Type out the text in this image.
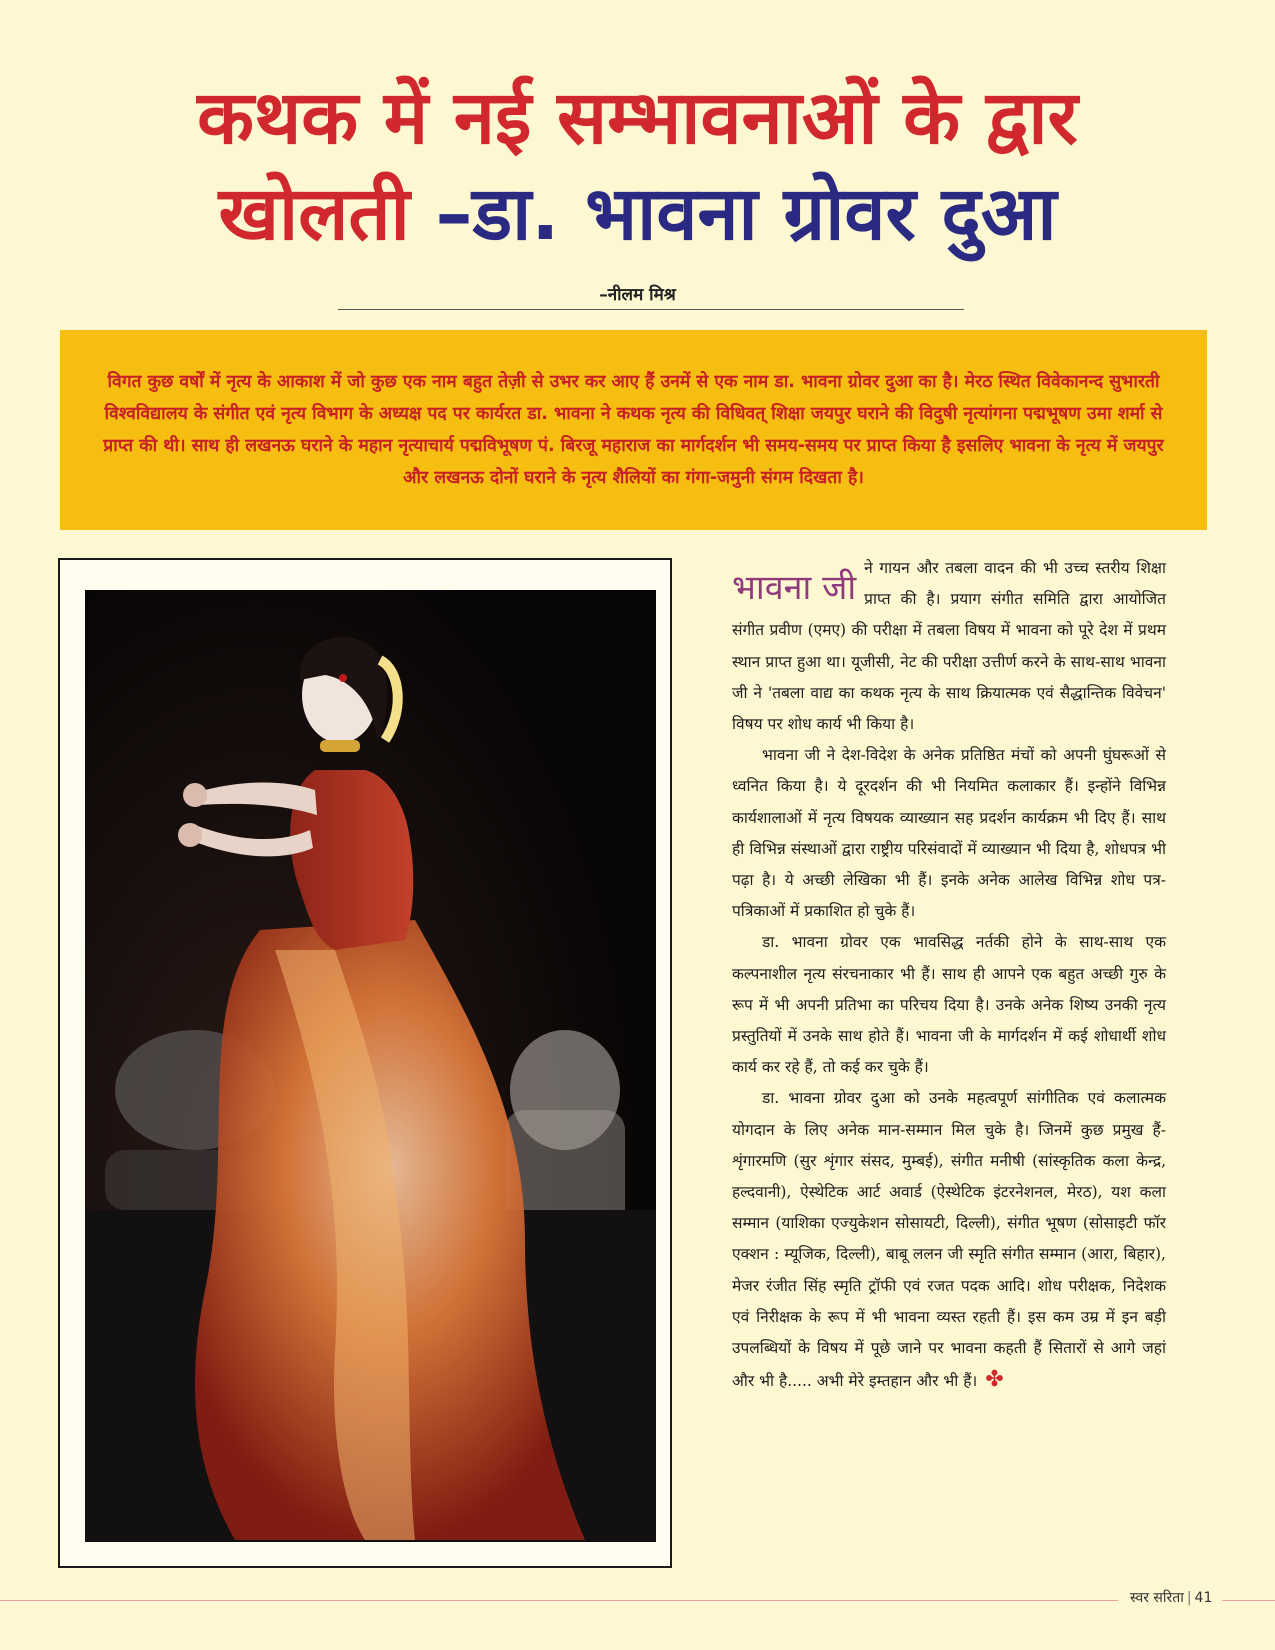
कथक में नई सम्भावनाओं के द्वार
खोलती –डा. भावना ग्रोवर दुआ
–नीलम मिश्र

विगत कुछ वर्षों में नृत्य के आकाश में जो कुछ एक नाम बहुत तेज़ी से उभर कर आए हैं उनमें से एक नाम डा. भावना ग्रोवर दुआ का है। मेरठ स्थित विवेकानन्द सुभारती विश्वविद्यालय के संगीत एवं नृत्य विभाग के अध्यक्ष पद पर कार्यरत डा. भावना ने कथक नृत्य की विधिवत् शिक्षा जयपुर घराने की विदुषी नृत्यांगना पद्मभूषण उमा शर्मा से प्राप्त की थी। साथ ही लखनऊ घराने के महान नृत्याचार्य पद्मविभूषण पं. बिरजू महाराज का मार्गदर्शन भी समय-समय पर प्राप्त किया है इसलिए भावना के नृत्य में जयपुर और लखनऊ दोनों घराने के नृत्य शैलियों का गंगा-जमुनी संगम दिखता है।

भावना जी ने गायन और तबला वादन की भी उच्च स्तरीय शिक्षा प्राप्त की है। प्रयाग संगीत समिति द्वारा आयोजित संगीत प्रवीण (एमए) की परीक्षा में तबला विषय में भावना को पूरे देश में प्रथम स्थान प्राप्त हुआ था। यूजीसी, नेट की परीक्षा उत्तीर्ण करने के साथ-साथ भावना जी ने 'तबला वाद्य का कथक नृत्य के साथ क्रियात्मक एवं सैद्धान्तिक विवेचन' विषय पर शोध कार्य भी किया है।

भावना जी ने देश-विदेश के अनेक प्रतिष्ठित मंचों को अपनी घुंघरूओं से ध्वनित किया है। ये दूरदर्शन की भी नियमित कलाकार हैं। इन्होंने विभिन्न कार्यशालाओं में नृत्य विषयक व्याख्यान सह प्रदर्शन कार्यक्रम भी दिए हैं। साथ ही विभिन्न संस्थाओं द्वारा राष्ट्रीय परिसंवादों में व्याख्यान भी दिया है, शोधपत्र भी पढ़ा है। ये अच्छी लेखिका भी हैं। इनके अनेक आलेख विभिन्न शोध पत्र-पत्रिकाओं में प्रकाशित हो चुके हैं।

डा. भावना ग्रोवर एक भावसिद्ध नर्तकी होने के साथ-साथ एक कल्पनाशील नृत्य संरचनाकार भी हैं। साथ ही आपने एक बहुत अच्छी गुरु के रूप में भी अपनी प्रतिभा का परिचय दिया है। उनके अनेक शिष्य उनकी नृत्य प्रस्तुतियों में उनके साथ होते हैं। भावना जी के मार्गदर्शन में कई शोधार्थी शोध कार्य कर रहे हैं, तो कई कर चुके हैं।

डा. भावना ग्रोवर दुआ को उनके महत्वपूर्ण सांगीतिक एवं कलात्मक योगदान के लिए अनेक मान-सम्मान मिल चुके है। जिनमें कुछ प्रमुख हैं-शृंगारमणि (सुर शृंगार संसद, मुम्बई), संगीत मनीषी (सांस्कृतिक कला केन्द्र, हल्दवानी), ऐस्थेटिक आर्ट अवार्ड (ऐस्थेटिक इंटरनेशनल, मेरठ), यश कला सम्मान (याशिका एज्युकेशन सोसायटी, दिल्ली), संगीत भूषण (सोसाइटी फॉर एक्शन : म्यूजिक, दिल्ली), बाबू ललन जी स्मृति संगीत सम्मान (आरा, बिहार), मेजर रंजीत सिंह स्मृति ट्रॉफी एवं रजत पदक आदि। शोध परीक्षक, निदेशक एवं निरीक्षक के रूप में भी भावना व्यस्त रहती हैं। इस कम उम्र में इन बड़ी उपलब्धियों के विषय में पूछे जाने पर भावना कहती हैं सितारों से आगे जहां और भी है..... अभी मेरे इम्तहान और भी हैं। ✤

स्वर सरिता | 41
